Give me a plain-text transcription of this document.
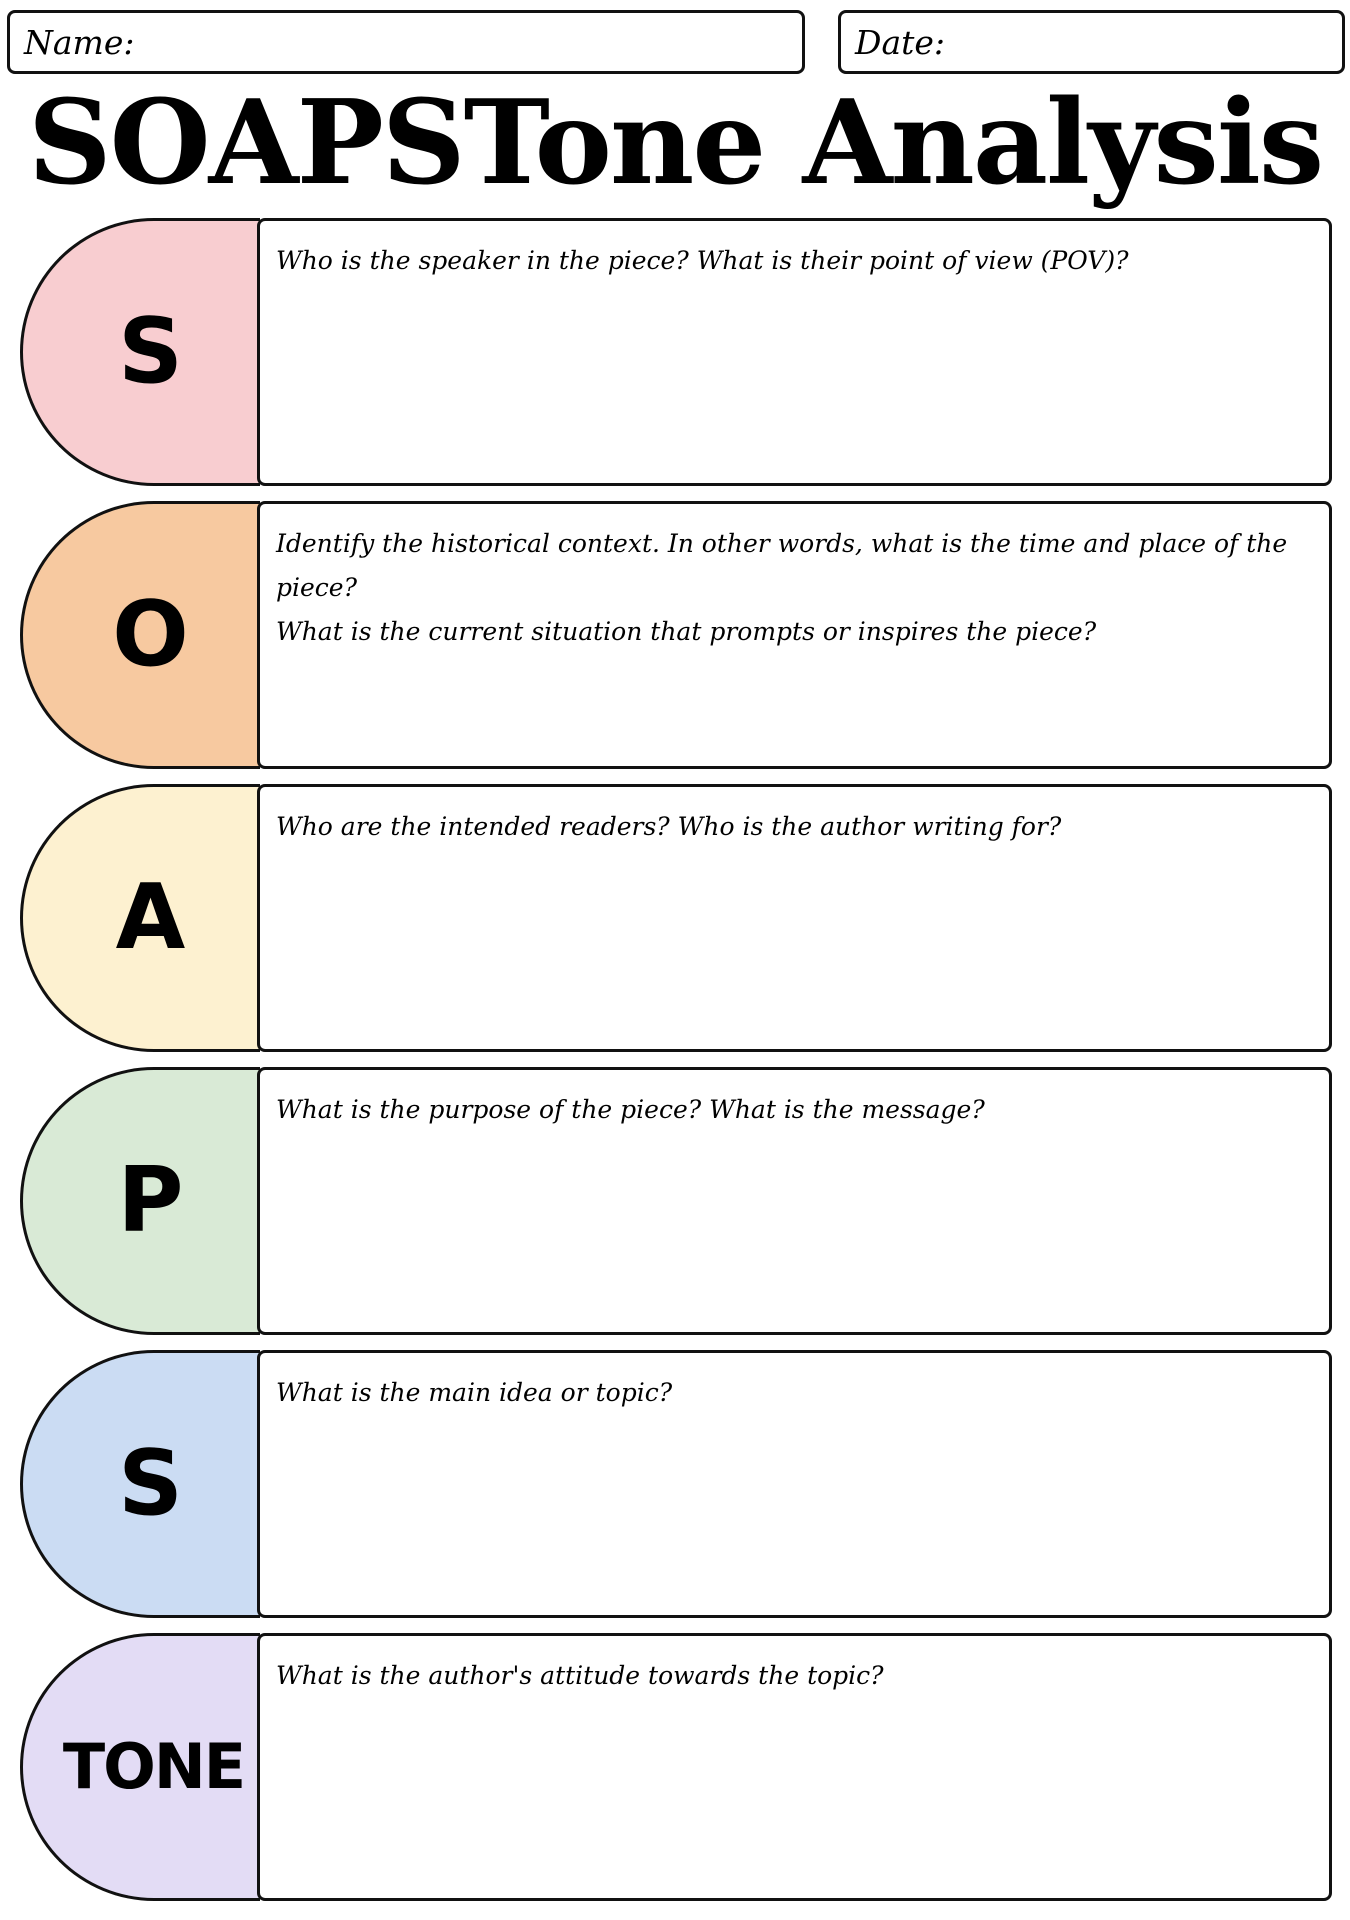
Name:	Date:
SOAPSTone Analysis
S
Who is the speaker in the piece? What is their point of view (POV)?
O
Identify the historical context. In other words, what is the time and place of the piece?
What is the current situation that prompts or inspires the piece?
A
Who are the intended readers? Who is the author writing for?
P
What is the purpose of the piece? What is the message?
S
What is the main idea or topic?
TONE
What is the author's attitude towards the topic?
